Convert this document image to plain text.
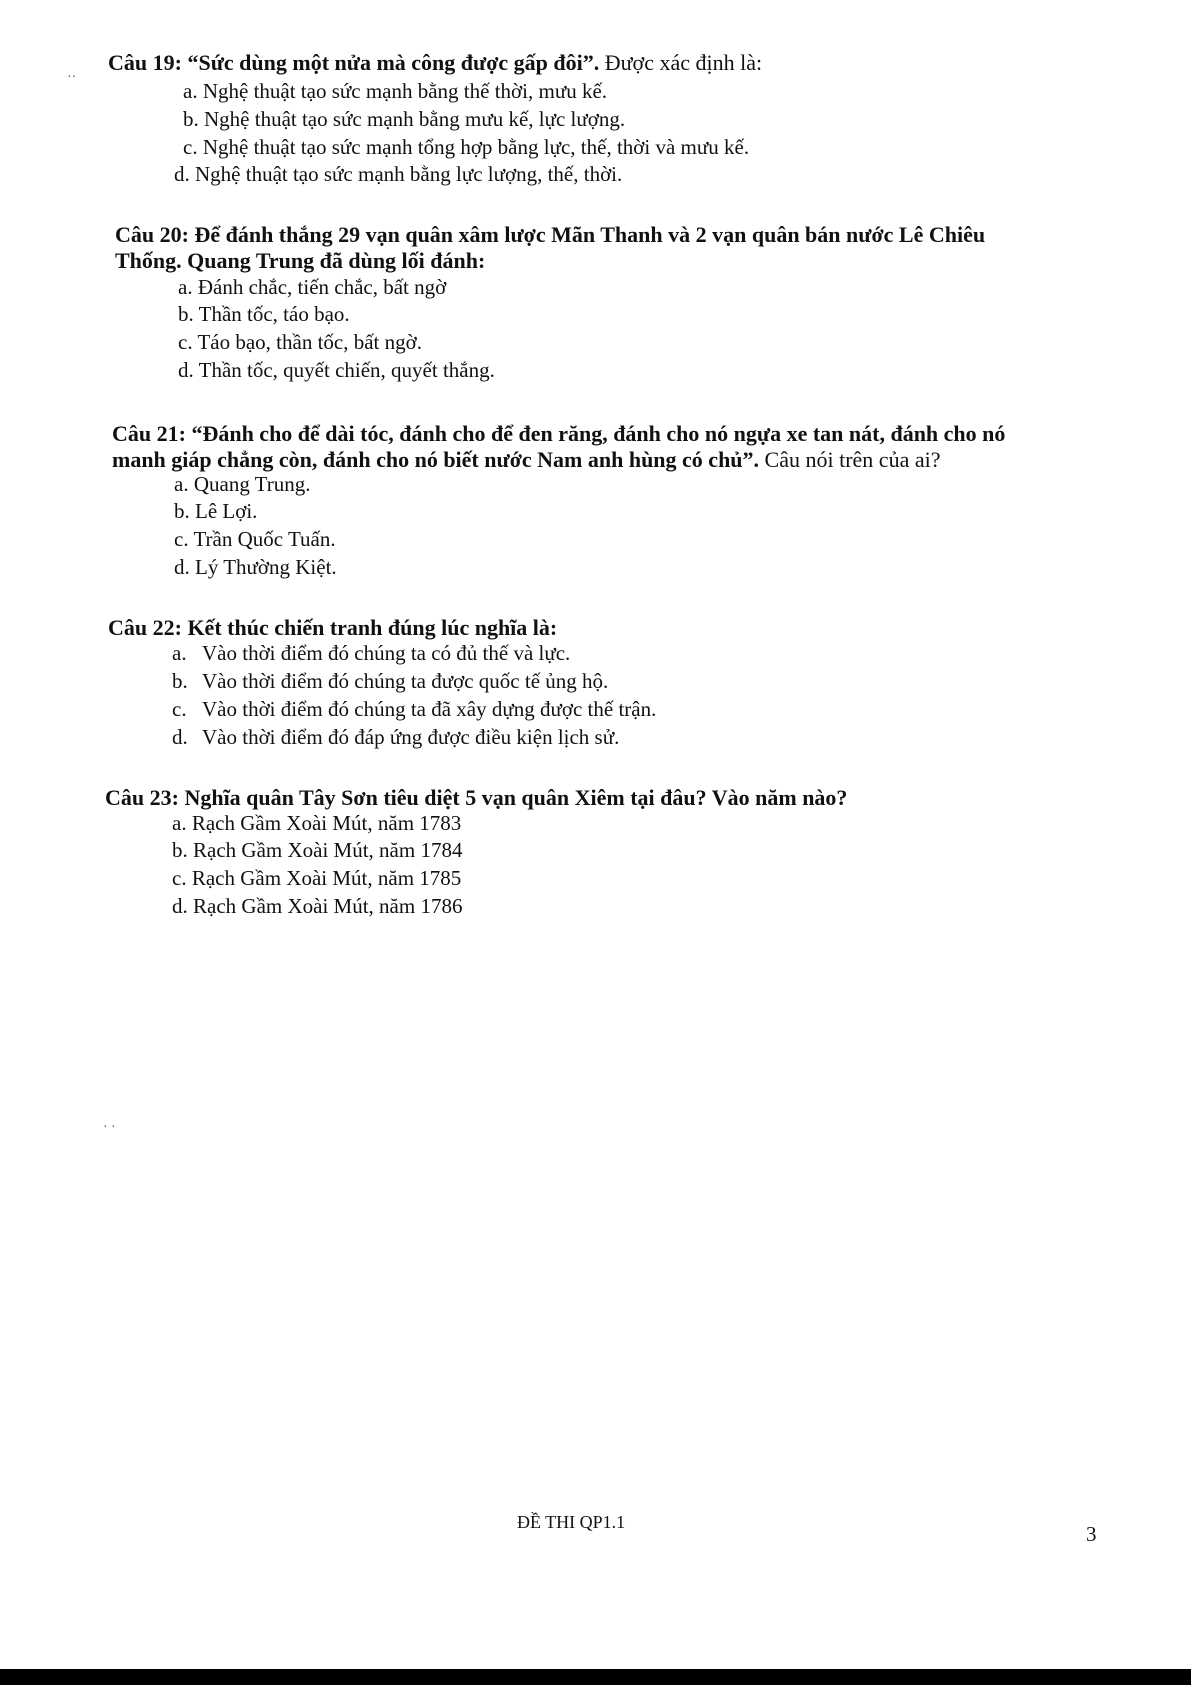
Câu 19: “Sức dùng một nửa mà công được gấp đôi”. Được xác định là:
a. Nghệ thuật tạo sức mạnh bằng thế thời, mưu kế.
b. Nghệ thuật tạo sức mạnh bằng mưu kế, lực lượng.
c. Nghệ thuật tạo sức mạnh tổng hợp bằng lực, thế, thời và mưu kế.
d. Nghệ thuật tạo sức mạnh bằng lực lượng, thế, thời.
Câu 20: Để đánh thắng 29 vạn quân xâm lược Mãn Thanh và 2 vạn quân bán nước Lê Chiêu
Thống. Quang Trung đã dùng lối đánh:
a. Đánh chắc, tiến chắc, bất ngờ
b. Thần tốc, táo bạo.
c. Táo bạo, thần tốc, bất ngờ.
d. Thần tốc, quyết chiến, quyết thắng.
Câu 21: “Đánh cho để dài tóc, đánh cho để đen răng, đánh cho nó ngựa xe tan nát, đánh cho nó
manh giáp chẳng còn, đánh cho nó biết nước Nam anh hùng có chủ”. Câu nói trên của ai?
a. Quang Trung.
b. Lê Lợi.
c. Trần Quốc Tuấn.
d. Lý Thường Kiệt.
Câu 22: Kết thúc chiến tranh đúng lúc nghĩa là:
a. Vào thời điểm đó chúng ta có đủ thế và lực.
b. Vào thời điểm đó chúng ta được quốc tế ủng hộ.
c. Vào thời điểm đó chúng ta đã xây dựng được thế trận.
d. Vào thời điểm đó đáp ứng được điều kiện lịch sử.
Câu 23: Nghĩa quân Tây Sơn tiêu diệt 5 vạn quân Xiêm tại đâu? Vào năm nào?
a. Rạch Gầm Xoài Mút, năm 1783
b. Rạch Gầm Xoài Mút, năm 1784
c. Rạch Gầm Xoài Mút, năm 1785
d. Rạch Gầm Xoài Mút, năm 1786
ĐỀ THI QP1.1	3
··
· ·
